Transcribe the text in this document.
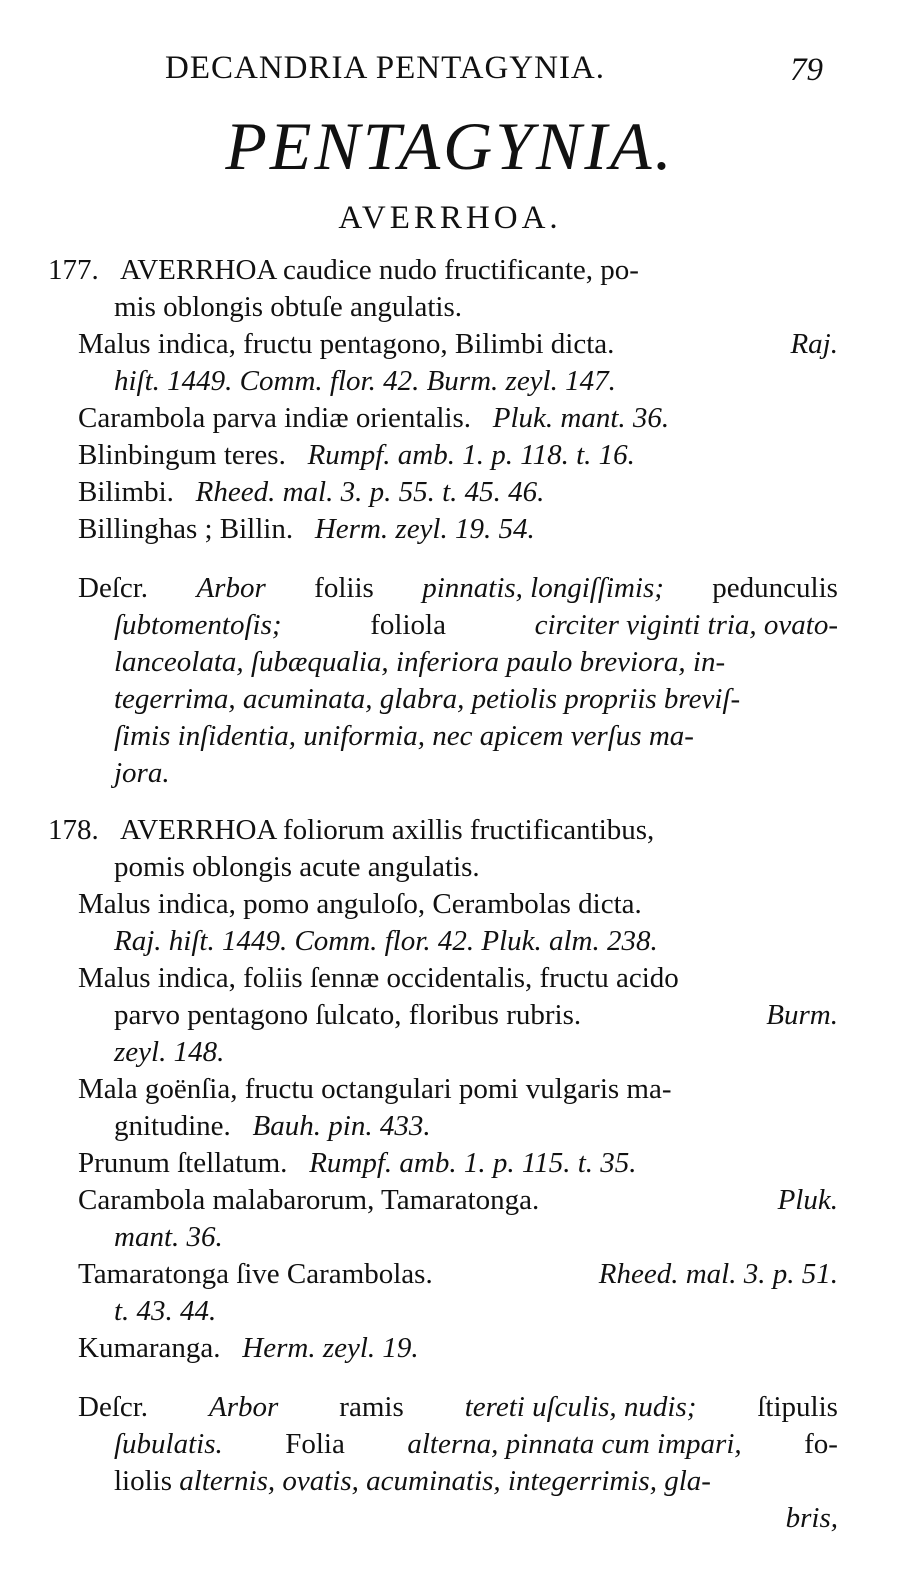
DECANDRIA PENTAGYNIA.	79
PENTAGYNIA.
AVERRHOA.
177. AVERRHOA caudice nudo fructificante, po-
mis oblongis obtuſe angulatis.
Malus indica, fructu pentagono, Bilimbi dicta.	Raj.
hiſt. 1449. Comm. flor. 42. Burm. zeyl. 147.
Carambola parva indiæ orientalis. Pluk. mant. 36.
Blinbingum teres. Rumpf. amb. 1. p. 118. t. 16.
Bilimbi. Rheed. mal. 3. p. 55. t. 45. 46.
Billinghas ; Billin. Herm. zeyl. 19. 54.
Deſcr. Arbor foliis pinnatis, longiſſimis; pedunculis
ſubtomentoſis;	foliola	circiter viginti tria, ovato-
lanceolata, ſubæqualia, inferiora paulo breviora, in-
tegerrima, acuminata, glabra, petiolis propriis breviſ-
ſimis inſidentia, uniformia, nec apicem verſus ma-
jora.
178. AVERRHOA foliorum axillis fructificantibus,
pomis oblongis acute angulatis.
Malus indica, pomo anguloſo, Cerambolas dicta.
Raj. hiſt. 1449. Comm. flor. 42. Pluk. alm. 238.
Malus indica, foliis ſennæ occidentalis, fructu acido
parvo pentagono ſulcato, floribus rubris.	Burm.
zeyl. 148.
Mala goënſia, fructu octangulari pomi vulgaris ma-
gnitudine. Bauh. pin. 433.
Prunum ſtellatum. Rumpf. amb. 1. p. 115. t. 35.
Carambola malabarorum, Tamaratonga.	Pluk.
mant. 36.
Tamaratonga ſive Carambolas.	Rheed. mal. 3. p. 51.
t. 43. 44.
Kumaranga. Herm. zeyl. 19.
Deſcr. Arbor ramis tereti uſculis, nudis; ſtipulis
ſubulatis. Folia alterna, pinnata cum impari, fo-
liolis alternis, ovatis, acuminatis, integerrimis, gla-
bris,
